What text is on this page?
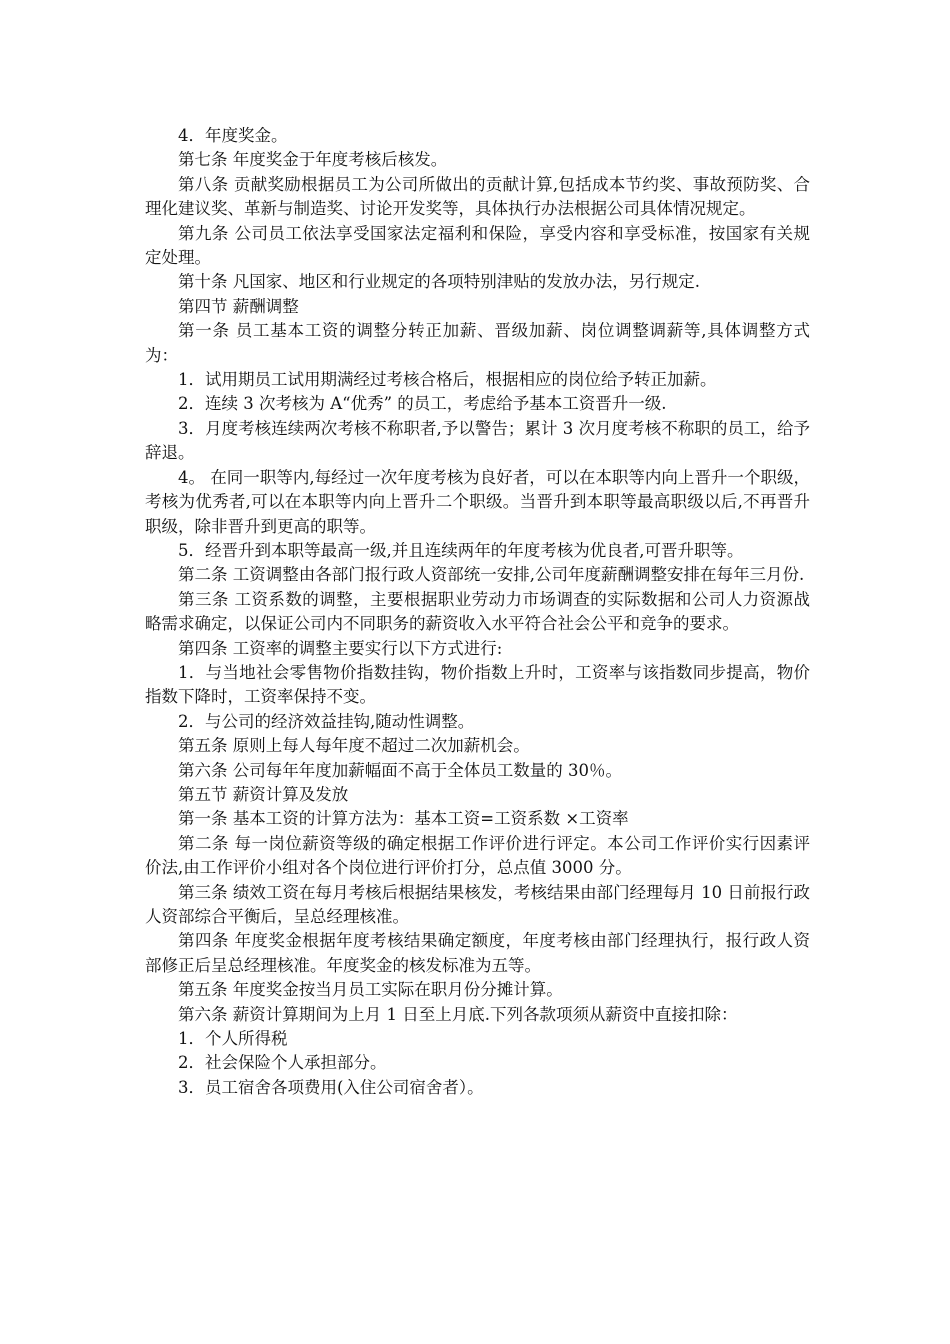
4．年度奖金。

第七条 年度奖金于年度考核后核发。

第八条 贡献奖励根据员工为公司所做出的贡献计算,包括成本节约奖、事故预防奖、合理化建议奖、革新与制造奖、讨论开发奖等，具体执行办法根据公司具体情况规定。

第九条 公司员工依法享受国家法定福利和保险，享受内容和享受标准，按国家有关规定处理。

第十条 凡国家、地区和行业规定的各项特别津贴的发放办法，另行规定.

第四节 薪酬调整

第一条 员工基本工资的调整分转正加薪、晋级加薪、岗位调整调薪等,具体调整方式为：

1．试用期员工试用期满经过考核合格后，根据相应的岗位给予转正加薪。

2．连续 3 次考核为 A“优秀” 的员工，考虑给予基本工资晋升一级.

3．月度考核连续两次考核不称职者,予以警告；累计 3 次月度考核不称职的员工，给予辞退。

4。 在同一职等内,每经过一次年度考核为良好者，可以在本职等内向上晋升一个职级，考核为优秀者,可以在本职等内向上晋升二个职级。当晋升到本职等最高职级以后,不再晋升职级，除非晋升到更高的职等。

5．经晋升到本职等最高一级,并且连续两年的年度考核为优良者,可晋升职等。

第二条 工资调整由各部门报行政人资部统一安排,公司年度薪酬调整安排在每年三月份.

第三条 工资系数的调整，主要根据职业劳动力市场调查的实际数据和公司人力资源战略需求确定，以保证公司内不同职务的薪资收入水平符合社会公平和竞争的要求。

第四条 工资率的调整主要实行以下方式进行:

1．与当地社会零售物价指数挂钩，物价指数上升时，工资率与该指数同步提高，物价指数下降时，工资率保持不变。

2．与公司的经济效益挂钩,随动性调整。

第五条 原则上每人每年度不超过二次加薪机会。

第六条 公司每年年度加薪幅面不高于全体员工数量的 30％。

第五节 薪资计算及发放

第一条 基本工资的计算方法为：基本工资=工资系数 ×工资率

第二条 每一岗位薪资等级的确定根据工作评价进行评定。本公司工作评价实行因素评价法,由工作评价小组对各个岗位进行评价打分，总点值 3000 分。

第三条 绩效工资在每月考核后根据结果核发，考核结果由部门经理每月 10 日前报行政人资部综合平衡后，呈总经理核准。

第四条 年度奖金根据年度考核结果确定额度，年度考核由部门经理执行，报行政人资部修正后呈总经理核准。年度奖金的核发标准为五等。

第五条 年度奖金按当月员工实际在职月份分摊计算。

第六条 薪资计算期间为上月 1 日至上月底.下列各款项须从薪资中直接扣除：

1．个人所得税

2．社会保险个人承担部分。

3．员工宿舍各项费用(入住公司宿舍者）。
